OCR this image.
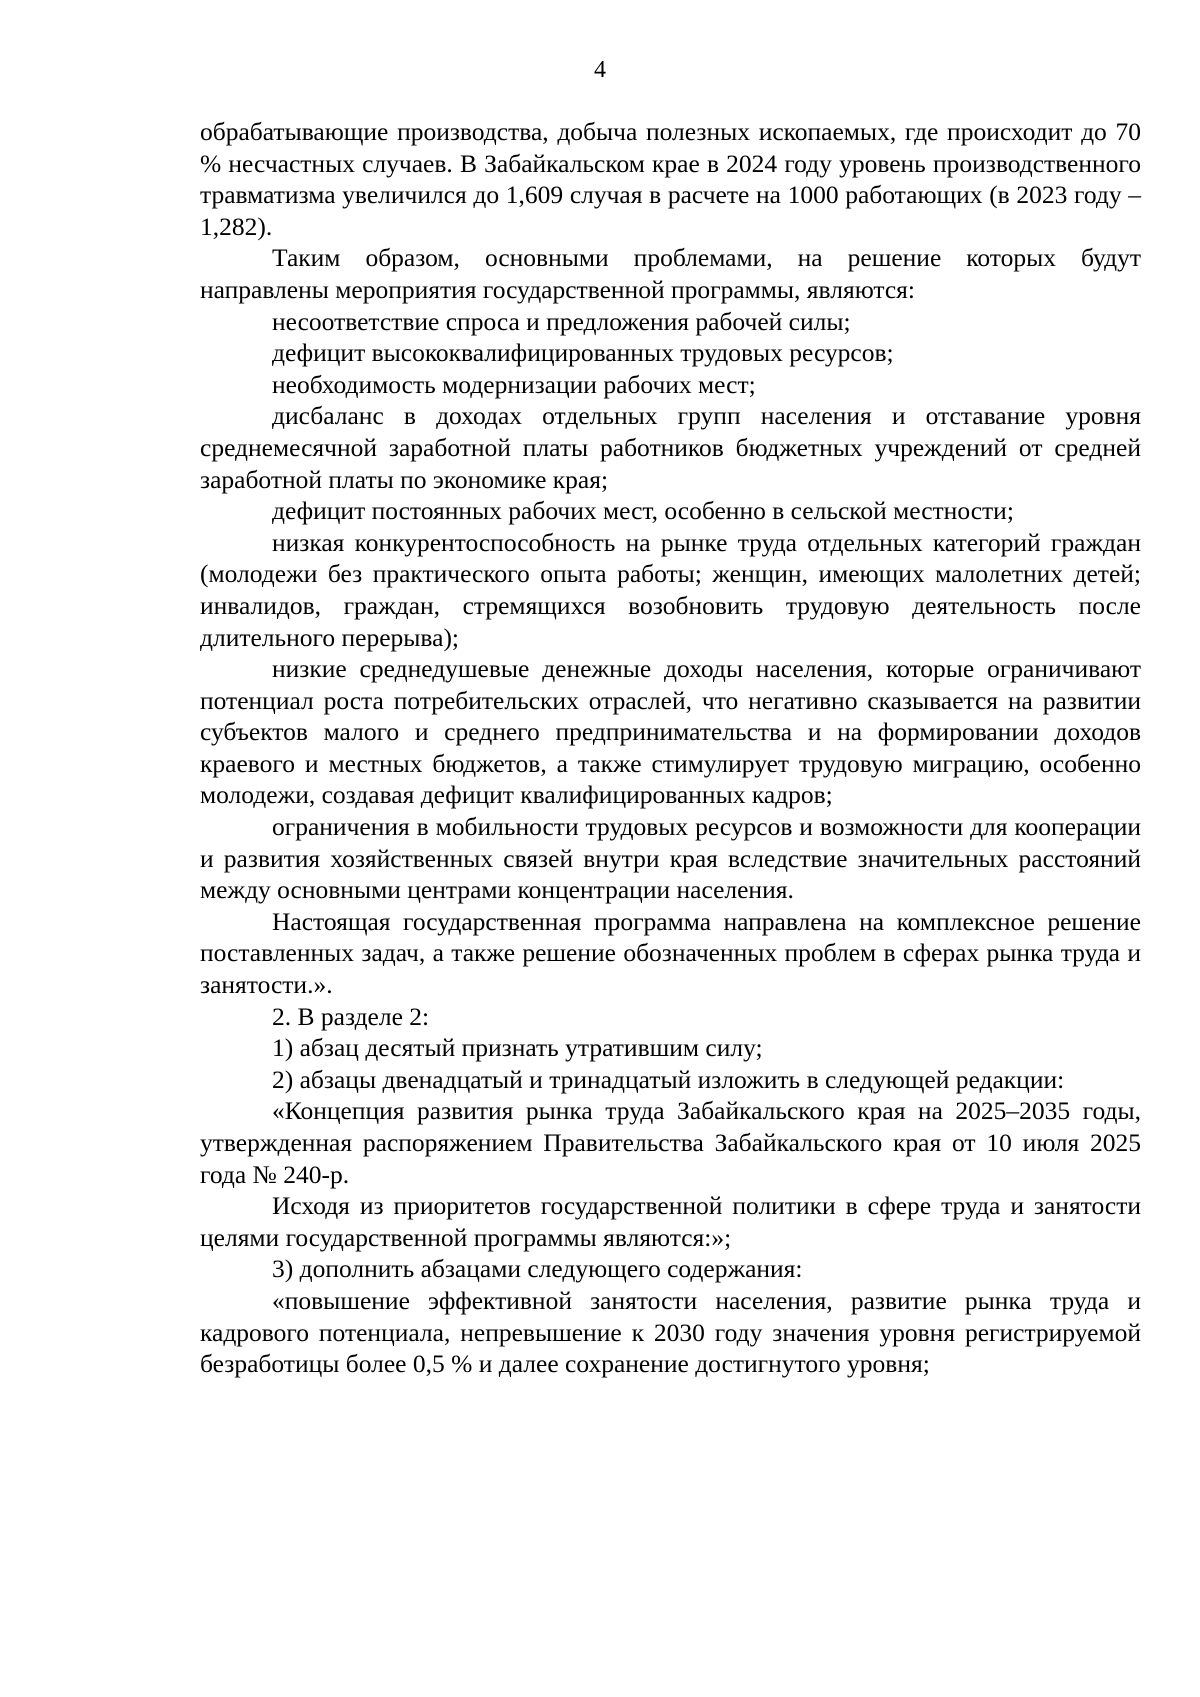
4

обрабатывающие производства, добыча полезных ископаемых, где происходит до 70 % несчастных случаев. В Забайкальском крае в 2024 году уровень производственного травматизма увеличился до 1,609 случая в расчете на 1000 работающих (в 2023 году – 1,282).

Таким образом, основными проблемами, на решение которых будут направлены мероприятия государственной программы, являются:

несоответствие спроса и предложения рабочей силы;

дефицит высококвалифицированных трудовых ресурсов;

необходимость модернизации рабочих мест;

дисбаланс в доходах отдельных групп населения и отставание уровня среднемесячной заработной платы работников бюджетных учреждений от средней заработной платы по экономике края;

дефицит постоянных рабочих мест, особенно в сельской местности;

низкая конкурентоспособность на рынке труда отдельных категорий граждан (молодежи без практического опыта работы; женщин, имеющих малолетних детей; инвалидов, граждан, стремящихся возобновить трудовую деятельность после длительного перерыва);

низкие среднедушевые денежные доходы населения, которые ограничивают потенциал роста потребительских отраслей, что негативно сказывается на развитии субъектов малого и среднего предпринимательства и на формировании доходов краевого и местных бюджетов, а также стимулирует трудовую миграцию, особенно молодежи, создавая дефицит квалифицированных кадров;

ограничения в мобильности трудовых ресурсов и возможности для кооперации и развития хозяйственных связей внутри края вследствие значительных расстояний между основными центрами концентрации населения.

Настоящая государственная программа направлена на комплексное решение поставленных задач, а также решение обозначенных проблем в сферах рынка труда и занятости.».

2. В разделе 2:

1) абзац десятый признать утратившим силу;

2) абзацы двенадцатый и тринадцатый изложить в следующей редакции:

«Концепция развития рынка труда Забайкальского края на 2025–2035 годы, утвержденная распоряжением Правительства Забайкальского края от 10 июля 2025 года № 240-р.

Исходя из приоритетов государственной политики в сфере труда и занятости целями государственной программы являются:»;

3) дополнить абзацами следующего содержания:

«повышение эффективной занятости населения, развитие рынка труда и кадрового потенциала, непревышение к 2030 году значения уровня регистрируемой безработицы более 0,5 % и далее сохранение достигнутого уровня;
